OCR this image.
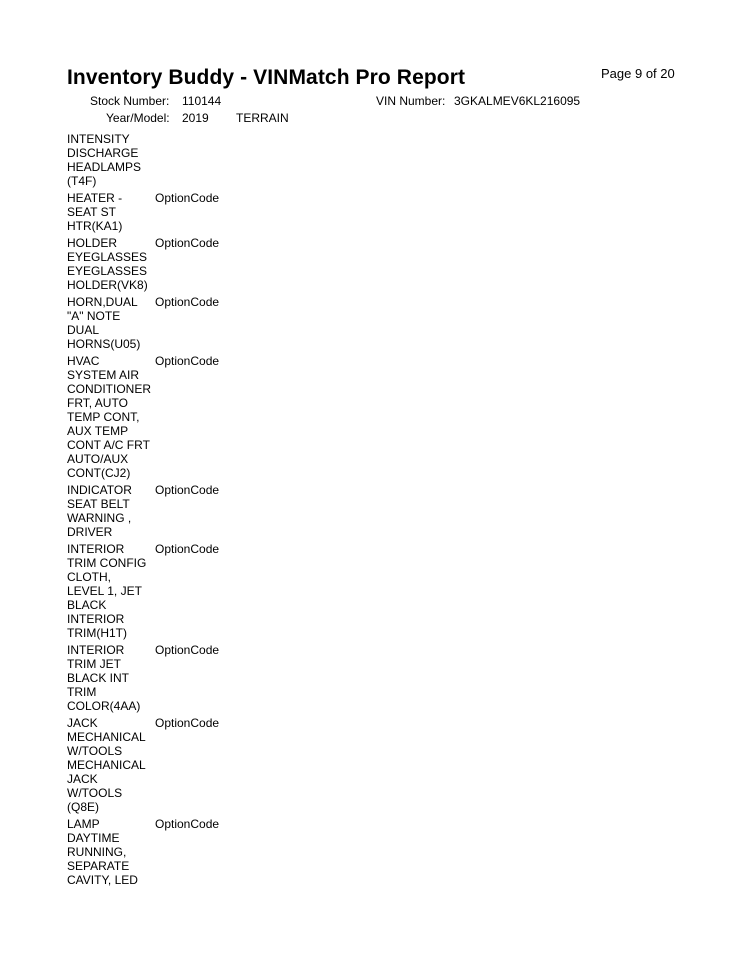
Inventory Buddy - VINMatch Pro Report	Page 9 of 20
Stock Number: 110144	VIN Number: 3GKALMEV6KL216095
Year/Model: 2019 TERRAIN
INTENSITY
DISCHARGE
HEADLAMPS
(T4F)
HEATER -
SEAT ST
HTR(KA1)
OptionCode
HOLDER
EYEGLASSES
EYEGLASSES
HOLDER(VK8)
OptionCode
HORN,DUAL
"A" NOTE
DUAL
HORNS(U05)
OptionCode
HVAC
SYSTEM AIR
CONDITIONER
FRT, AUTO
TEMP CONT,
AUX TEMP
CONT A/C FRT
AUTO/AUX
CONT(CJ2)
OptionCode
INDICATOR
SEAT BELT
WARNING ,
DRIVER
OptionCode
INTERIOR
TRIM CONFIG
CLOTH,
LEVEL 1, JET
BLACK
INTERIOR
TRIM(H1T)
OptionCode
INTERIOR
TRIM JET
BLACK INT
TRIM
COLOR(4AA)
OptionCode
JACK
MECHANICAL
W/TOOLS
MECHANICAL
JACK
W/TOOLS
(Q8E)
OptionCode
LAMP
DAYTIME
RUNNING,
SEPARATE
CAVITY, LED
OptionCode
